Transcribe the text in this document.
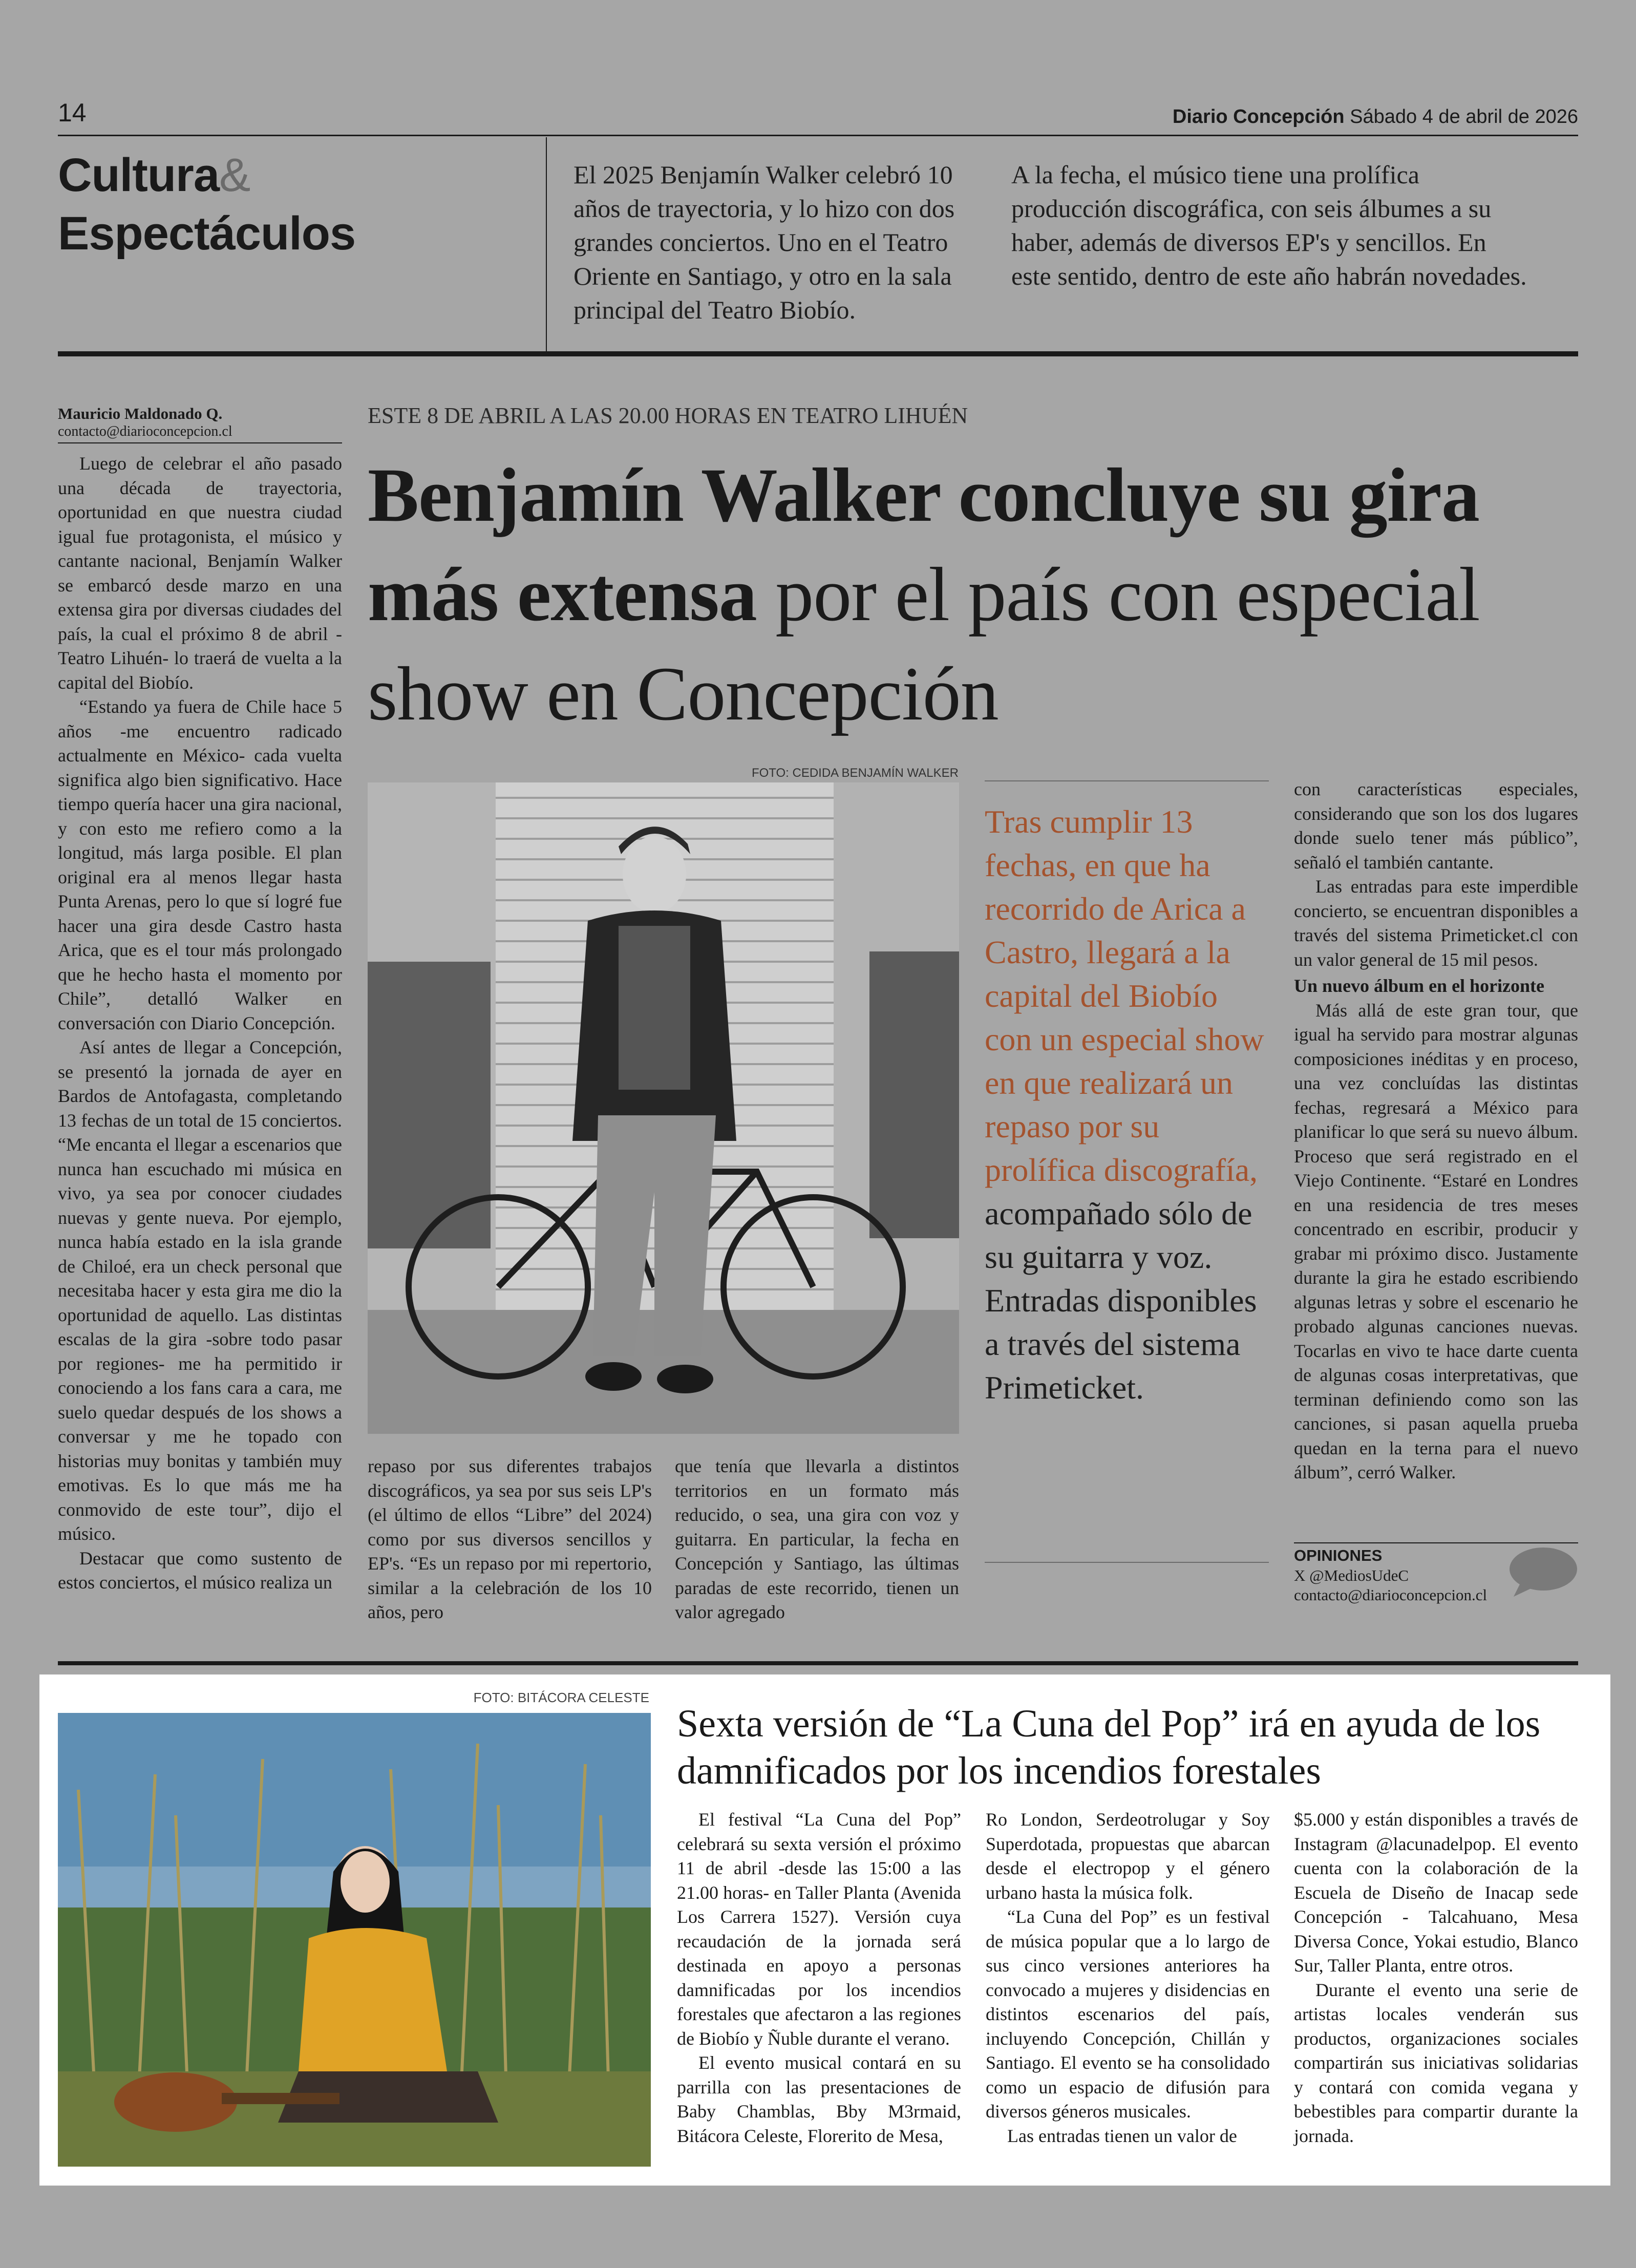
14	Diario Concepción Sábado 4 de abril de 2026
Cultura&
Espectáculos
El 2025 Benjamín Walker celebró 10 años de trayectoria, y lo hizo con dos grandes conciertos. Uno en el Teatro Oriente en Santiago, y otro en la sala principal del Teatro Biobío.
A la fecha, el músico tiene una prolífica producción discográfica, con seis álbumes a su haber, además de diversos EP's y sencillos. En este sentido, dentro de este año habrán novedades.
Mauricio Maldonado Q.
contacto@diarioconcepcion.cl
ESTE 8 DE ABRIL A LAS 20.00 HORAS EN TEATRO LIHUÉN
Benjamín Walker concluye su gira más extensa por el país con especial show en Concepción

Luego de celebrar el año pasado una década de trayectoria, oportunidad en que nuestra ciudad igual fue protagonista, el músico y cantante nacional, Benjamín Walker se embarcó desde marzo en una extensa gira por diversas ciudades del país, la cual el próximo 8 de abril -Teatro Lihuén- lo traerá de vuelta a la capital del Biobío.

“Estando ya fuera de Chile hace 5 años -me encuentro radicado actualmente en México- cada vuelta significa algo bien significativo. Hace tiempo quería hacer una gira nacional, y con esto me refiero como a la longitud, más larga posible. El plan original era al menos llegar hasta Punta Arenas, pero lo que sí logré fue hacer una gira desde Castro hasta Arica, que es el tour más prolongado que he hecho hasta el momento por Chile”, detalló Walker en conversación con Diario Concepción.

Así antes de llegar a Concepción, se presentó la jornada de ayer en Bardos de Antofagasta, completando 13 fechas de un total de 15 conciertos. “Me encanta el llegar a escenarios que nunca han escuchado mi música en vivo, ya sea por conocer ciudades nuevas y gente nueva. Por ejemplo, nunca había estado en la isla grande de Chiloé, era un check personal que necesitaba hacer y esta gira me dio la oportunidad de aquello. Las distintas escalas de la gira -sobre todo pasar por regiones- me ha permitido ir conociendo a los fans cara a cara, me suelo quedar después de los shows a conversar y me he topado con historias muy bonitas y también muy emotivas. Es lo que más me ha conmovido de este tour”, dijo el músico.

Destacar que como sustento de estos conciertos, el músico realiza un

FOTO: CEDIDA BENJAMÍN WALKER

repaso por sus diferentes trabajos discográficos, ya sea por sus seis LP's (el último de ellos “Libre” del 2024) como por sus diversos sencillos y EP's. “Es un repaso por mi repertorio, similar a la celebración de los 10 años, pero

que tenía que llevarla a distintos territorios en un formato más reducido, o sea, una gira con voz y guitarra. En particular, la fecha en Concepción y Santiago, las últimas paradas de este recorrido, tienen un valor agregado

Tras cumplir 13 fechas, en que ha recorrido de Arica a Castro, llegará a la capital del Biobío con un especial show en que realizará un repaso por su prolífica discografía, acompañado sólo de su guitarra y voz. Entradas disponibles a través del sistema Primeticket.

con características especiales, considerando que son los dos lugares donde suelo tener más público”, señaló el también cantante.

Las entradas para este imperdible concierto, se encuentran disponibles a través del sistema Primeticket.cl con un valor general de 15 mil pesos.

Un nuevo álbum en el horizonte

Más allá de este gran tour, que igual ha servido para mostrar algunas composiciones inéditas y en proceso, una vez concluídas las distintas fechas, regresará a México para planificar lo que será su nuevo álbum. Proceso que será registrado en el Viejo Continente. “Estaré en Londres en una residencia de tres meses concentrado en escribir, producir y grabar mi próximo disco. Justamente durante la gira he estado escribiendo algunas letras y sobre el escenario he probado algunas canciones nuevas. Tocarlas en vivo te hace darte cuenta de algunas cosas interpretativas, que terminan definiendo como son las canciones, si pasan aquella prueba quedan en la terna para el nuevo álbum”, cerró Walker.

OPINIONES
X @MediosUdeC
contacto@diarioconcepcion.cl
FOTO: BITÁCORA CELESTE
Sexta versión de “La Cuna del Pop” irá en ayuda de los damnificados por los incendios forestales

El festival “La Cuna del Pop” celebrará su sexta versión el próximo 11 de abril -desde las 15:00 a las 21.00 horas- en Taller Planta (Avenida Los Carrera 1527). Versión cuya recaudación de la jornada será destinada en apoyo a personas damnificadas por los incendios forestales que afectaron a las regiones de Biobío y Ñuble durante el verano.

El evento musical contará en su parrilla con las presentaciones de Baby Chamblas, Bby M3rmaid, Bitácora Celeste, Florerito de Mesa,

Ro London, Serdeotrolugar y Soy Superdotada, propuestas que abarcan desde el electropop y el género urbano hasta la música folk.

“La Cuna del Pop” es un festival de música popular que a lo largo de sus cinco versiones anteriores ha convocado a mujeres y disidencias en distintos escenarios del país, incluyendo Concepción, Chillán y Santiago. El evento se ha consolidado como un espacio de difusión para diversos géneros musicales.

Las entradas tienen un valor de

$5.000 y están disponibles a través de Instagram @lacunadelpop. El evento cuenta con la colaboración de la Escuela de Diseño de Inacap sede Concepción - Talcahuano, Mesa Diversa Conce, Yokai estudio, Blanco Sur, Taller Planta, entre otros.

Durante el evento una serie de artistas locales venderán sus productos, organizaciones sociales compartirán sus iniciativas solidarias y contará con comida vegana y bebestibles para compartir durante la jornada.
